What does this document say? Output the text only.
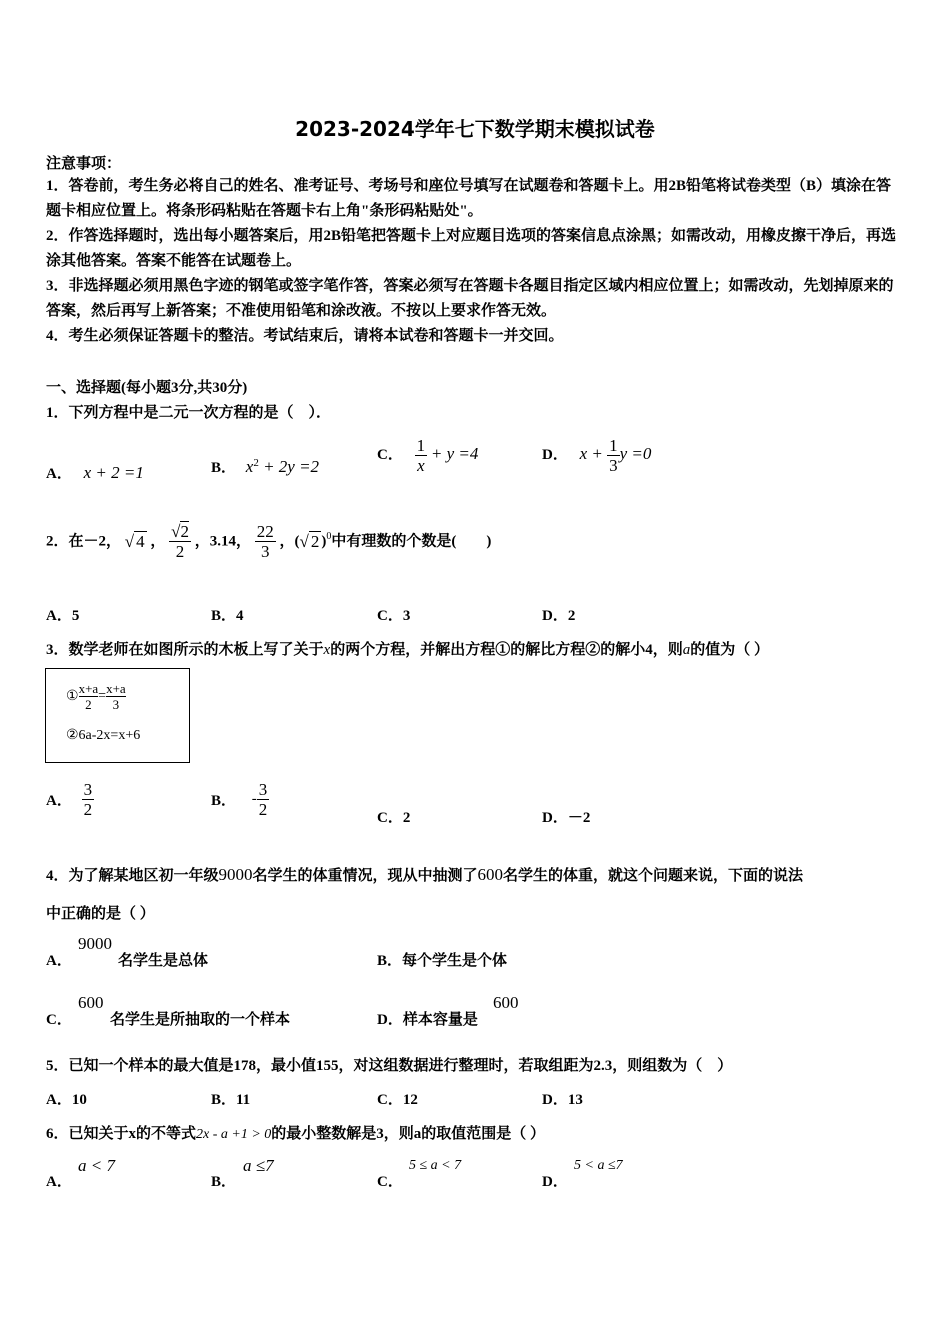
2023-2024学年七下数学期末模拟试卷
注意事项：
1．答卷前，考生务必将自己的姓名、准考证号、考场号和座位号填写在试题卷和答题卡上。用2B铅笔将试卷类型（B）填涂在答题卡相应位置上。将条形码粘贴在答题卡右上角"条形码粘贴处"。
2．作答选择题时，选出每小题答案后，用2B铅笔把答题卡上对应题目选项的答案信息点涂黑；如需改动，用橡皮擦干净后，再选涂其他答案。答案不能答在试题卷上。
3．非选择题必须用黑色字迹的钢笔或签字笔作答，答案必须写在答题卡各题目指定区域内相应位置上；如需改动，先划掉原来的答案，然后再写上新答案；不准使用铅笔和涂改液。不按以上要求作答无效。
4．考生必须保证答题卡的整洁。考试结束后，请将本试卷和答题卡一并交回。
一、选择题(每小题3分,共30分)
1．下列方程中是二元一次方程的是（　）．
A． x + 2 =1	B． $x^2 + 2y =2$
C． $\frac{1}{x} + y =4$	D． $x + \frac{1}{3}$ y =0
2．在－2， √ 4 ， $\frac{√2}{2}$ ，3.14， $\frac{22}{3}$ ，(√ 2 )$^0$中有理数的个数是(　　)
A．5	B．4	C．3	D．2
3．数学老师在如图所示的木板上写了关于x的两个方程，并解出方程①的解比方程②的解小4，则a的值为（ ）
① $\frac{x+a}{2}= \frac{x+a}{3}$
②6a-2x=x+6
A． $\frac{3}{2}$	B． - $\frac{3}{2}$	C．2	D．－2
4．为了解某地区初一年级9000名学生的体重情况，现从中抽测了600名学生的体重，就这个问题来说，下面的说法
中正确的是（ ）
A．
9000
名学生是总体	B．每个学生是个体
C．
600
名学生是所抽取的一个样本	D．样本容量是
600
5．已知一个样本的最大值是178，最小值155，对这组数据进行整理时，若取组距为2.3，则组数为（　）
A．10	B．11	C．12	D．13
6．已知关于x的不等式2x - a +1 > 0的最小整数解是3，则a的取值范围是（ ）
A．
a < 7
B．
a ≤7
C．
5 ≤ a < 7
D．
5 < a ≤7
